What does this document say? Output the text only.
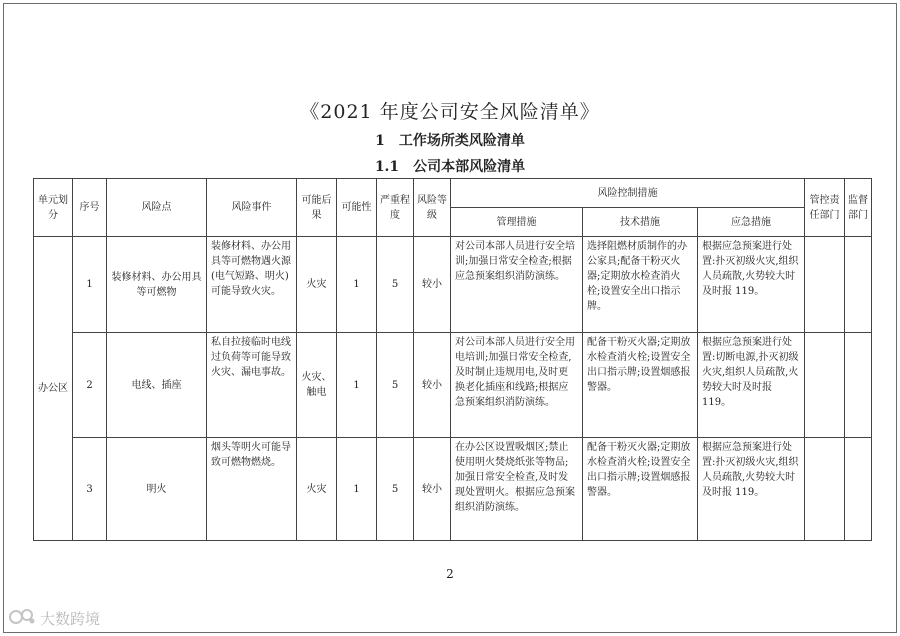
《2021 年度公司安全风险清单》
1　工作场所类风险清单
1.1　公司本部风险清单
单元划分	序号	风险点	风险事件	可能后果	可能性	严重程度	风险等级	风险控制措施			管控责任部门	监督部门
								管理措施	技术措施	应急措施		
办公区	1	装修材料、办公用具等可燃物	装修材料、办公用具等可燃物遇火源(电气短路、明火)可能导致火灾。	火灾	1	5	较小	对公司本部人员进行安全培训;加强日常安全检查;根据应急预案组织消防演练。	选择阻燃材质制作的办公家具;配备干粉灭火器;定期放水检查消火栓;设置安全出口指示牌。	根据应急预案进行处置:扑灭初级火灾,组织人员疏散,火势较大时及时报 119。		
	2	电线、插座	私自拉接临时电线过负荷等可能导致火灾、漏电事故。	火灾、触电	1	5	较小	对公司本部人员进行安全用电培训;加强日常安全检查,及时制止违规用电,及时更换老化插座和线路;根据应急预案组织消防演练。	配备干粉灭火器;定期放水检查消火栓;设置安全出口指示牌;设置烟感报警器。	根据应急预案进行处置:切断电源,扑灭初级火灾,组织人员疏散,火势较大时及时报 119。		
	3	明火	烟头等明火可能导致可燃物燃烧。	火灾	1	5	较小	在办公区设置吸烟区;禁止使用明火焚烧纸张等物品;加强日常安全检查,及时发现处置明火。根据应急预案组织消防演练。	配备干粉灭火器;定期放水检查消火栓;设置安全出口指示牌;设置烟感报警器。	根据应急预案进行处置:扑灭初级火灾,组织人员疏散,火势较大时及时报 119。		
2
大数跨境
